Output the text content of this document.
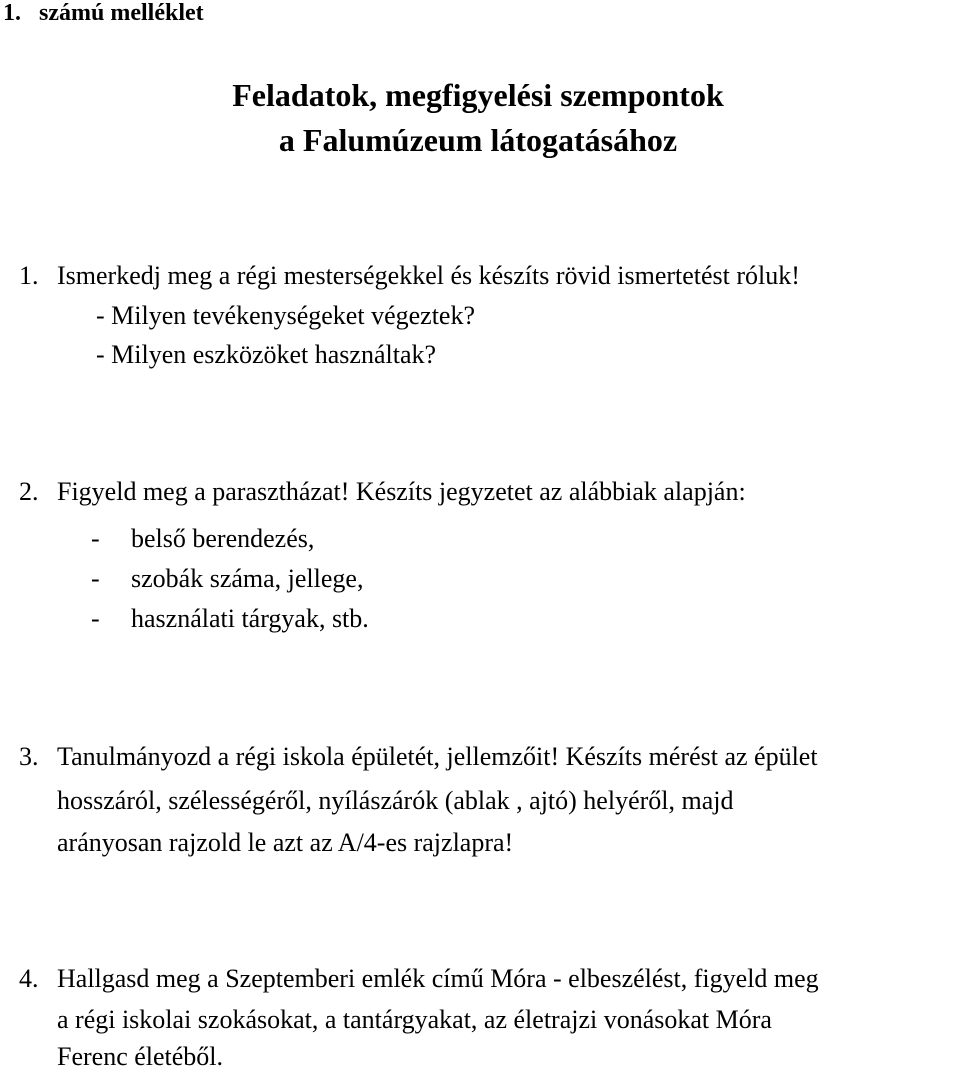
1. számú melléklet
Feladatok, megfigyelési szempontok
a Falumúzeum látogatásához
1. Ismerkedj meg a régi mesterségekkel és készíts rövid ismertetést róluk!
- Milyen tevékenységeket végeztek?
- Milyen eszközöket használtak?
2. Figyeld meg a parasztházat! Készíts jegyzetet az alábbiak alapján:
- belső berendezés,
- szobák száma, jellege,
- használati tárgyak, stb.
3. Tanulmányozd a régi iskola épületét, jellemzőit! Készíts mérést az épület
hosszáról, szélességéről, nyílászárók (ablak , ajtó) helyéről, majd
arányosan rajzold le azt az A/4-es rajzlapra!
4. Hallgasd meg a Szeptemberi emlék című Móra - elbeszélést, figyeld meg
a régi iskolai szokásokat, a tantárgyakat, az életrajzi vonásokat Móra
Ferenc életéből.
